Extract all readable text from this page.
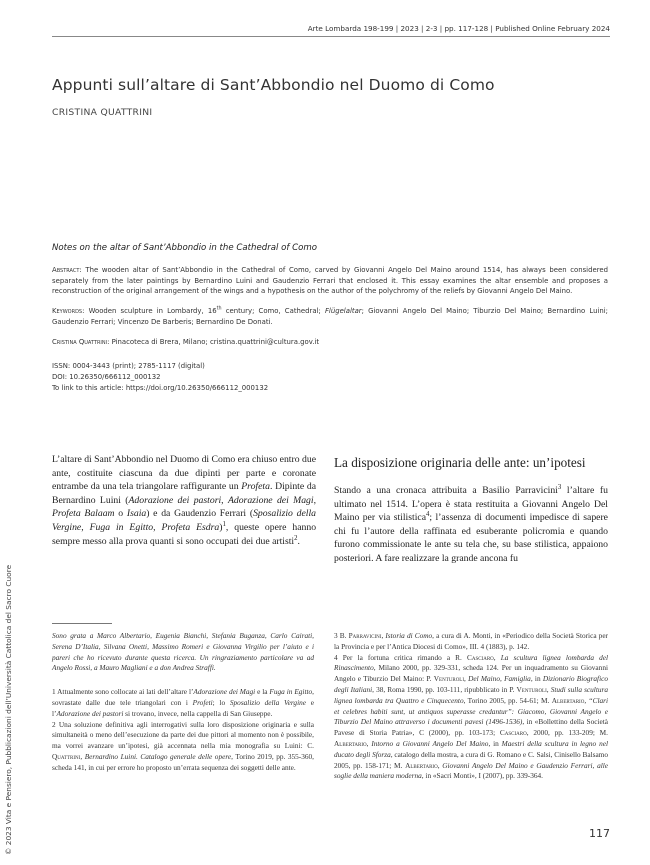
Arte Lombarda 198-199 | 2023 | 2-3 | pp. 117-128 | Published Online February 2024
Appunti sull’altare di Sant’Abbondio nel Duomo di Como
CRISTINA QUATTRINI
Notes on the altar of Sant’Abbondio in the Cathedral of Como
Abstract: The wooden altar of Sant’Abbondio in the Cathedral of Como, carved by Giovanni Angelo Del Maino around 1514, has always been considered separately from the later paintings by Bernardino Luini and Gaudenzio Ferrari that enclosed it. This essay examines the altar ensemble and proposes a reconstruction of the original arrangement of the wings and a hypothesis on the author of the polychromy of the reliefs by Giovanni Angelo Del Maino.
Keywords: Wooden sculpture in Lombardy, 16th century; Como, Cathedral; Flügelaltar; Giovanni Angelo Del Maino; Tiburzio Del Maino; Bernardino Luini; Gaudenzio Ferrari; Vincenzo De Barberis; Bernardino De Donati.
Cristina Quattrini: Pinacoteca di Brera, Milano; cristina.quattrini@cultura.gov.it
ISSN: 0004-3443 (print); 2785-1117 (digital)
DOI: 10.26350/666112_000132
To link to this article: https://doi.org/10.26350/666112_000132
L’altare di Sant’Abbondio nel Duomo di Como era chiuso entro due ante, costituite ciascuna da due dipinti per parte e coronate entrambe da una tela triangolare raffigurante un Profeta. Dipinte da Bernardino Luini (Adorazione dei pastori, Adorazione dei Magi, Profeta Balaam o Isaia) e da Gaudenzio Ferrari (Sposalizio della Vergine, Fuga in Egitto, Profeta Esdra)$^1$, queste opere hanno sempre messo alla prova quanti si sono occupati dei due artisti$^2$.
La disposizione originaria delle ante: un’ipotesi
Stando a una cronaca attribuita a Basilio Parravicini$^3$ l’altare fu ultimato nel 1514. L’opera è stata restituita a Giovanni Angelo Del Maino per via stilistica$^4$; l’assenza di documenti impedisce di sapere chi fu l’autore della raffinata ed esuberante policromia e quando furono commissionate le ante su tela che, su base stilistica, appaiono posteriori. A fare realizzare la grande ancona fu

Sono grata a Marco Albertario, Eugenia Bianchi, Stefania Buganza, Carlo Cairati, Serena D’Italia, Silvana Onetti, Massimo Romeri e Giovanna Virgilio per l’aiuto e i pareri che ho ricevuto durante questa ricerca. Un ringraziamento particolare va ad Angelo Rossi, a Mauro Magliani e a don Andrea Straffi.

1 Attualmente sono collocate ai lati dell’altare l’Adorazione dei Magi e la Fuga in Egitto, sovrastate dalle due tele triangolari con i Profeti; lo Sposalizio della Vergine e l’Adorazione dei pastori si trovano, invece, nella cappella di San Giuseppe.

2 Una soluzione definitiva agli interrogativi sulla loro disposizione originaria e sulla simultaneità o meno dell’esecuzione da parte dei due pittori al momento non è possibile, ma vorrei avanzare un’ipotesi, già accennata nella mia monografia su Luini: C. Quattrini, Bernardino Luini. Catalogo generale delle opere, Torino 2019, pp. 355-360, scheda 141, in cui per errore ho proposto un’errata sequenza dei soggetti delle ante.

3 B. Parravicini, Istoria di Como, a cura di A. Monti, in «Periodico della Società Storica per la Provincia e per l’Antica Diocesi di Como», III. 4 (1883), p. 142.

4 Per la fortuna critica rimando a R. Casciaro, La scultura lignea lombarda del Rinascimento, Milano 2000, pp. 329-331, scheda 124. Per un inquadramento su Giovanni Angelo e Tiburzio Del Maino: P. Venturoli, Del Maino, Famiglia, in Dizionario Biografico degli Italiani, 38, Roma 1990, pp. 103-111, ripubblicato in P. Venturoli, Studi sulla scultura lignea lombarda tra Quattro e Cinquecento, Torino 2005, pp. 54-61; M. Albertario, “Clari et celebres habiti sunt, ut antiquos superasse credantur”: Giacomo, Giovanni Angelo e Tiburzio Del Maino attraverso i documenti pavesi (1496-1536), in «Bollettino della Società Pavese di Storia Patria», C (2000), pp. 103-173; Casciaro, 2000, pp. 133-209; M. Albertario, Intorno a Giovanni Angelo Del Maino, in Maestri della scultura in legno nel ducato degli Sforza, catalogo della mostra, a cura di G. Romano e C. Salsi, Cinisello Balsamo 2005, pp. 158-171; M. Albertario, Giovanni Angelo Del Maino e Gaudenzio Ferrari, alle soglie della maniera moderna, in «Sacri Monti», I (2007), pp. 339-364.

© 2023 Vita e Pensiero, Pubblicazioni dell’Università Cattolica del Sacro Cuore	117
